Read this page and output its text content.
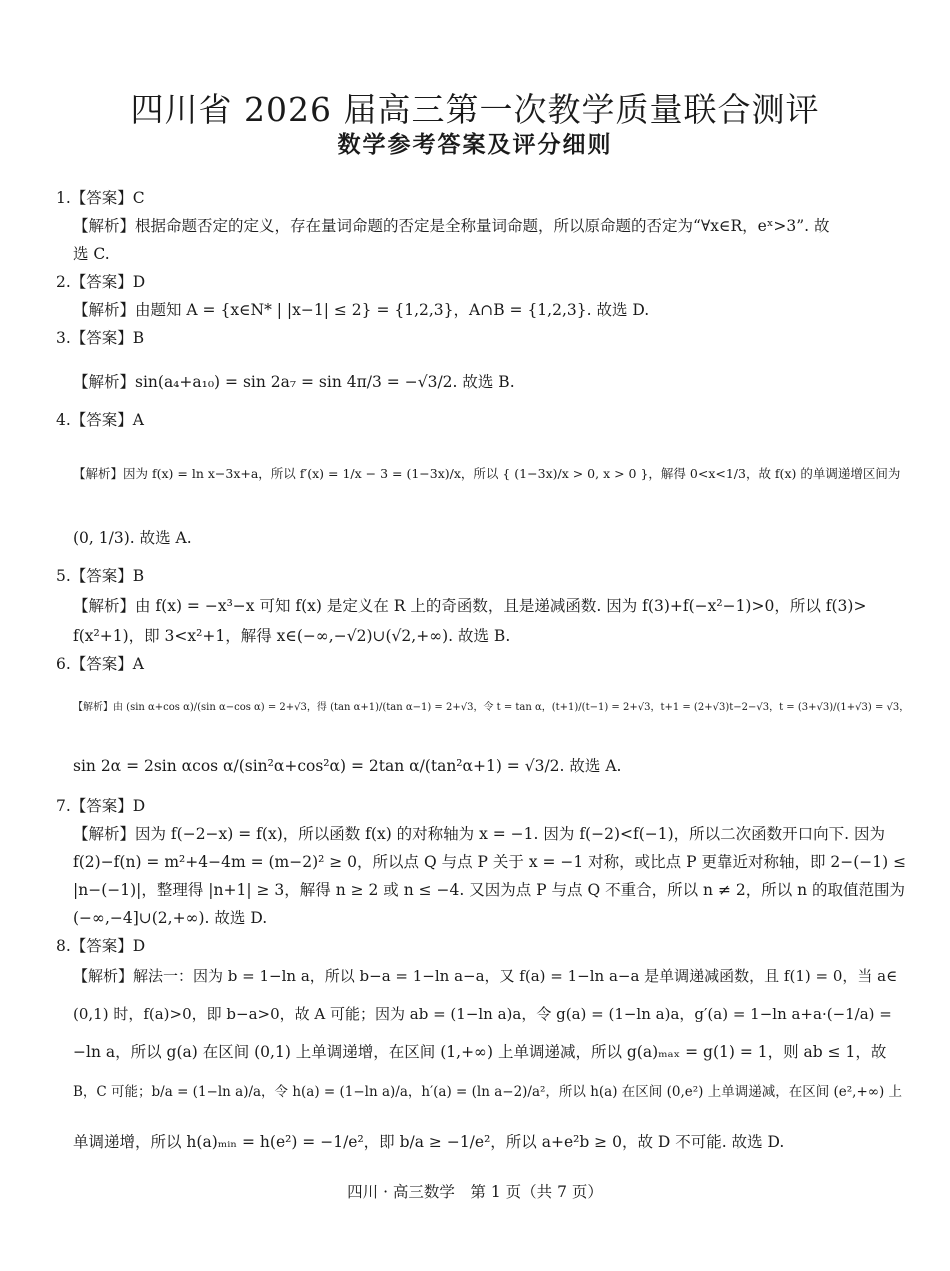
四川省 2026 届高三第一次教学质量联合测评
数学参考答案及评分细则
1.【答案】C
【解析】根据命题否定的定义，存在量词命题的否定是全称量词命题，所以原命题的否定为“∀x∈R，eˣ>3”. 故
选 C.
2.【答案】D
【解析】由题知 A = {x∈N* | |x−1| ≤ 2} = {1,2,3}，A∩B = {1,2,3}. 故选 D.
3.【答案】B
【解析】sin(a₄+a₁₀) = sin 2a₇ = sin 4π/3 = −√3/2. 故选 B.
4.【答案】A
【解析】因为 f(x) = ln x−3x+a，所以 f′(x) = 1/x − 3 = (1−3x)/x，所以 { (1−3x)/x > 0, x > 0 }，解得 0<x<1/3，故 f(x) 的单调递增区间为
(0, 1/3). 故选 A.
5.【答案】B
【解析】由 f(x) = −x³−x 可知 f(x) 是定义在 R 上的奇函数，且是递减函数. 因为 f(3)+f(−x²−1)>0，所以 f(3)>
f(x²+1)，即 3<x²+1，解得 x∈(−∞,−√2)∪(√2,+∞). 故选 B.
6.【答案】A
【解析】由 (sin α+cos α)/(sin α−cos α) = 2+√3，得 (tan α+1)/(tan α−1) = 2+√3，令 t = tan α，(t+1)/(t−1) = 2+√3，t+1 = (2+√3)t−2−√3，t = (3+√3)/(1+√3) = √3，
sin 2α = 2sin αcos α/(sin²α+cos²α) = 2tan α/(tan²α+1) = √3/2. 故选 A.
7.【答案】D
【解析】因为 f(−2−x) = f(x)，所以函数 f(x) 的对称轴为 x = −1. 因为 f(−2)<f(−1)，所以二次函数开口向下. 因为
f(2)−f(n) = m²+4−4m = (m−2)² ≥ 0，所以点 Q 与点 P 关于 x = −1 对称，或比点 P 更靠近对称轴，即 2−(−1) ≤
|n−(−1)|，整理得 |n+1| ≥ 3，解得 n ≥ 2 或 n ≤ −4. 又因为点 P 与点 Q 不重合，所以 n ≠ 2，所以 n 的取值范围为
(−∞,−4]∪(2,+∞). 故选 D.
8.【答案】D
【解析】解法一：因为 b = 1−ln a，所以 b−a = 1−ln a−a，又 f(a) = 1−ln a−a 是单调递减函数，且 f(1) = 0，当 a∈
(0,1) 时，f(a)>0，即 b−a>0，故 A 可能；因为 ab = (1−ln a)a，令 g(a) = (1−ln a)a，g′(a) = 1−ln a+a·(−1/a) =
−ln a，所以 g(a) 在区间 (0,1) 上单调递增，在区间 (1,+∞) 上单调递减，所以 g(a)ₘₐₓ = g(1) = 1，则 ab ≤ 1，故
B，C 可能；b/a = (1−ln a)/a，令 h(a) = (1−ln a)/a，h′(a) = (ln a−2)/a²，所以 h(a) 在区间 (0,e²) 上单调递减，在区间 (e²,+∞) 上
单调递增，所以 h(a)ₘᵢₙ = h(e²) = −1/e²，即 b/a ≥ −1/e²，所以 a+e²b ≥ 0，故 D 不可能. 故选 D.
四川 · 高三数学　第 1 页（共 7 页）
